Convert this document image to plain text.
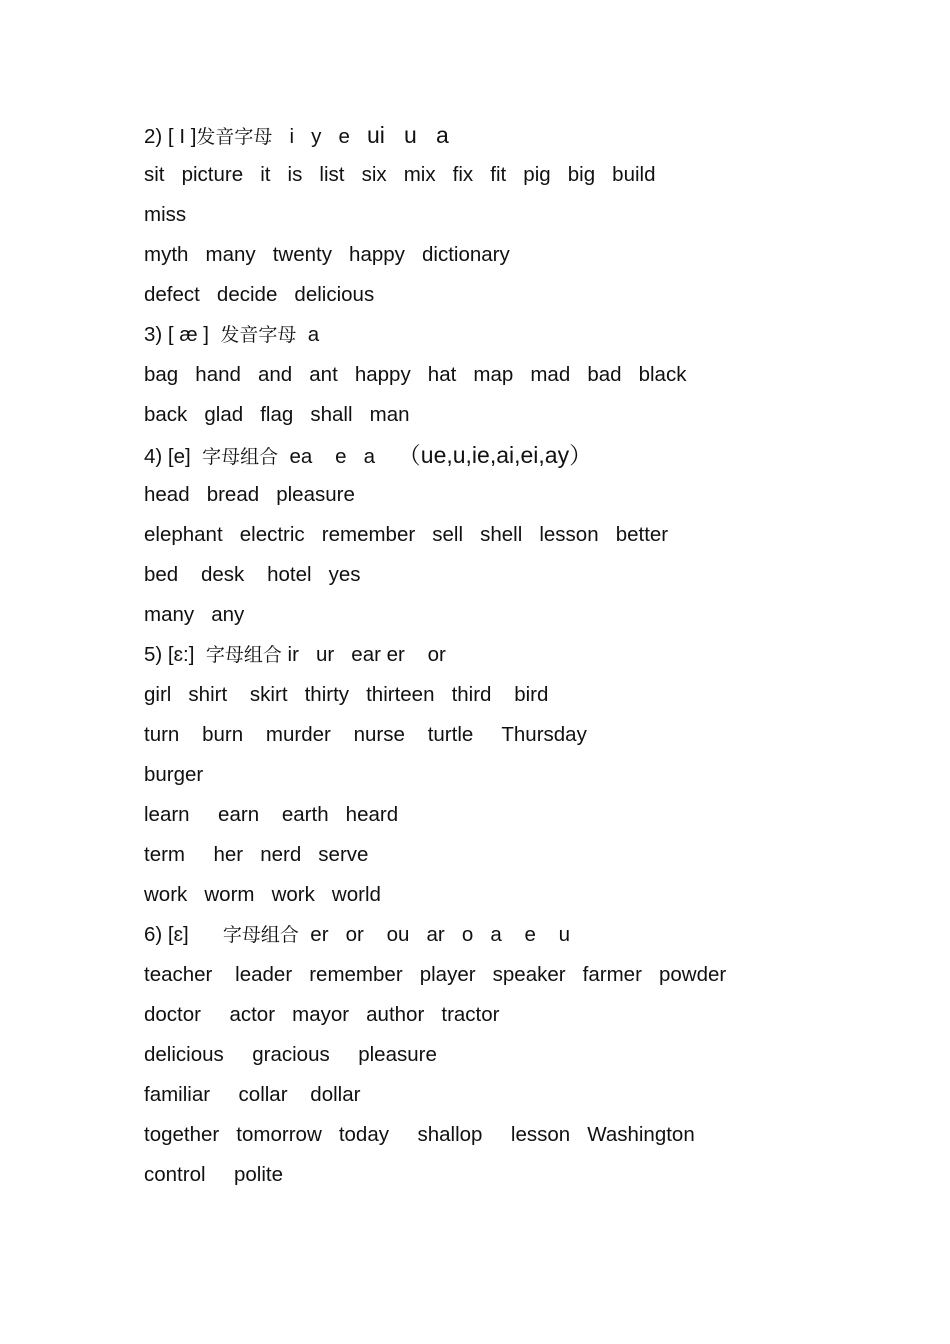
2) [ I ]发音字母   i   y   e   ui   u   a
sit   picture   it   is   list   six   mix   fix   fit   pig   big   build
miss
myth   many   twenty   happy   dictionary
defect   decide   delicious
3) [ æ ]  发音字母  a
bag   hand   and   ant   happy   hat   map   mad   bad   black
back   glad   flag   shall   man
4) [e]  字母组合  ea    e   a    （ue,u,ie,ai,ei,ay）
head   bread   pleasure
elephant   electric   remember   sell   shell   lesson   better
bed    desk    hotel   yes
many   any
5) [ɛ:]  字母组合 ir   ur   ear er    or
girl   shirt    skirt   thirty   thirteen   third    bird
turn    burn    murder    nurse    turtle     Thursday
burger
learn     earn    earth   heard
term     her   nerd   serve
work   worm   work   world
6) [ɛ]      字母组合  er   or    ou   ar   o   a    e    u
teacher    leader   remember   player   speaker   farmer   powder
doctor     actor   mayor   author   tractor
delicious     gracious     pleasure
familiar     collar    dollar
together   tomorrow   today     shallop     lesson   Washington
control     polite
